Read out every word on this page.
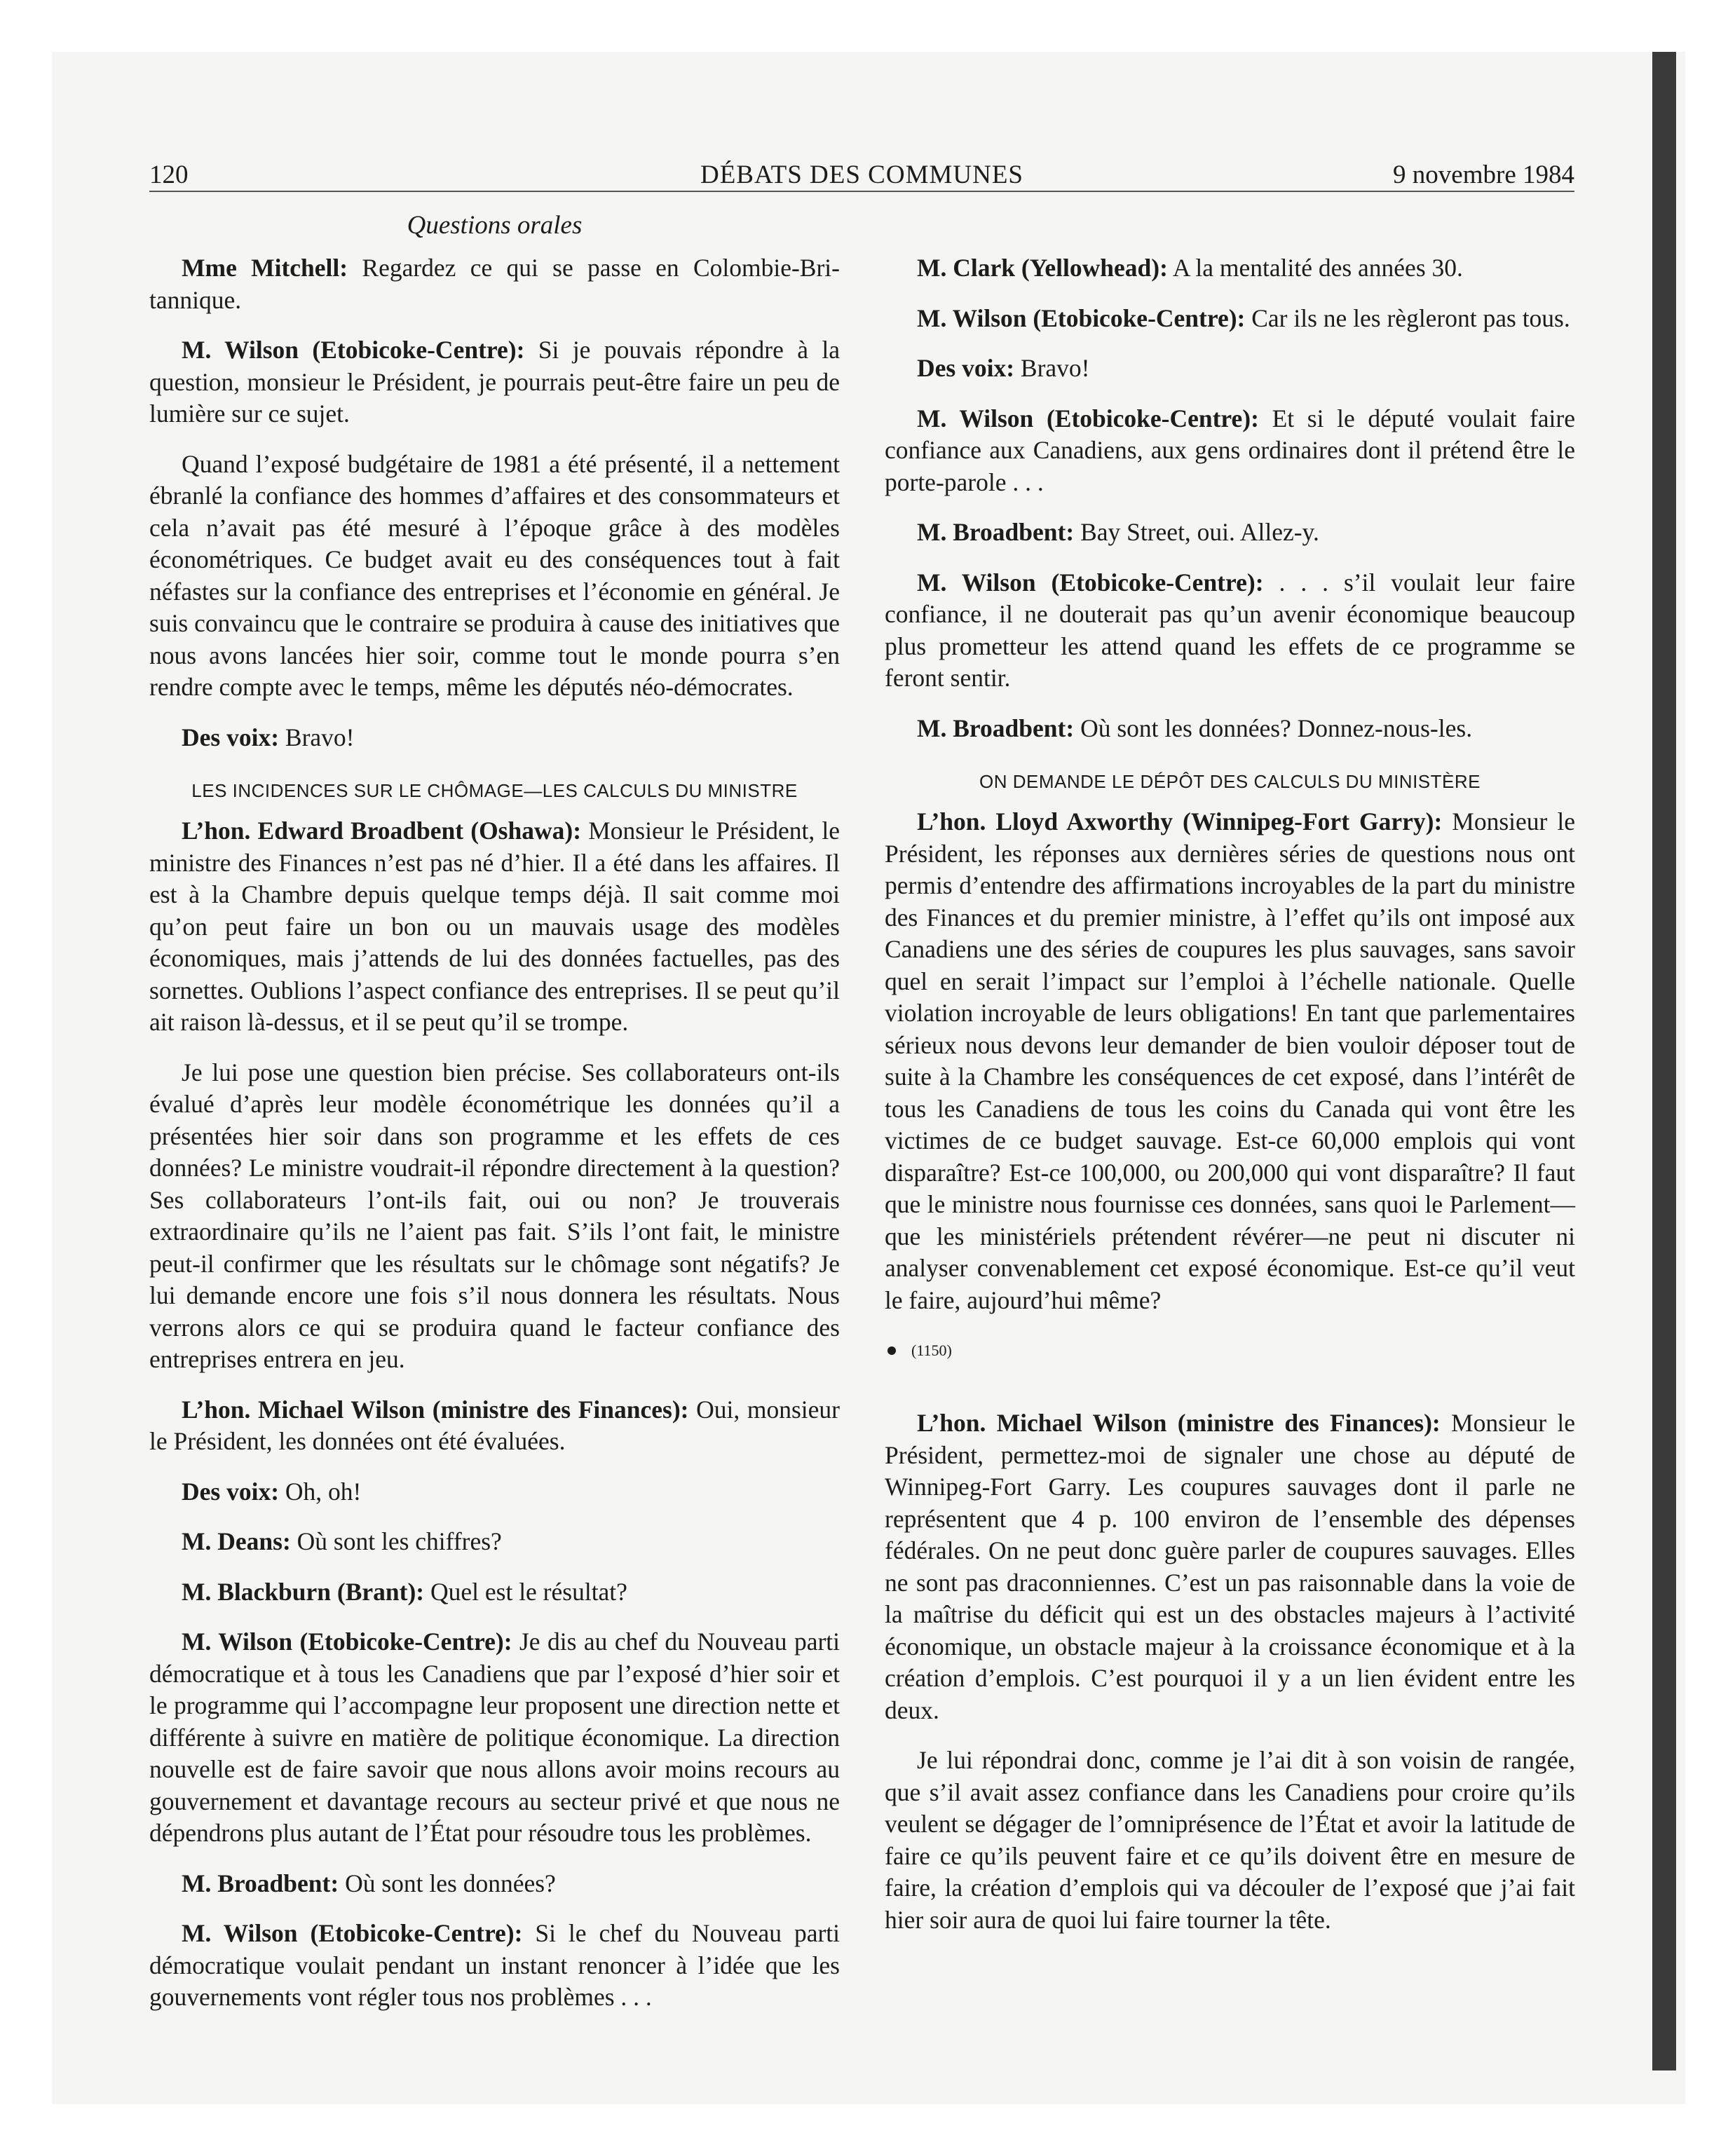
120	DÉBATS DES COMMUNES	9 novembre 1984
Questions orales

Mme Mitchell: Regardez ce qui se passe en Colombie-Britannique.

M. Wilson (Etobicoke-Centre): Si je pouvais répondre à la question, monsieur le Président, je pourrais peut-être faire un peu de lumière sur ce sujet.

Quand l’exposé budgétaire de 1981 a été présenté, il a nettement ébranlé la confiance des hommes d’affaires et des consommateurs et cela n’avait pas été mesuré à l’époque grâce à des modèles économétriques. Ce budget avait eu des conséquences tout à fait néfastes sur la confiance des entreprises et l’économie en général. Je suis convaincu que le contraire se produira à cause des initiatives que nous avons lancées hier soir, comme tout le monde pourra s’en rendre compte avec le temps, même les députés néo-démocrates.

Des voix: Bravo!

LES INCIDENCES SUR LE CHÔMAGE—LES CALCULS DU MINISTRE

L’hon. Edward Broadbent (Oshawa): Monsieur le Président, le ministre des Finances n’est pas né d’hier. Il a été dans les affaires. Il est à la Chambre depuis quelque temps déjà. Il sait comme moi qu’on peut faire un bon ou un mauvais usage des modèles économiques, mais j’attends de lui des données factuelles, pas des sornettes. Oublions l’aspect confiance des entreprises. Il se peut qu’il ait raison là-dessus, et il se peut qu’il se trompe.

Je lui pose une question bien précise. Ses collaborateurs ont-ils évalué d’après leur modèle économétrique les données qu’il a présentées hier soir dans son programme et les effets de ces données? Le ministre voudrait-il répondre directement à la question? Ses collaborateurs l’ont-ils fait, oui ou non? Je trouverais extraordinaire qu’ils ne l’aient pas fait. S’ils l’ont fait, le ministre peut-il confirmer que les résultats sur le chômage sont négatifs? Je lui demande encore une fois s’il nous donnera les résultats. Nous verrons alors ce qui se produira quand le facteur confiance des entreprises entrera en jeu.

L’hon. Michael Wilson (ministre des Finances): Oui, monsieur le Président, les données ont été évaluées.

Des voix: Oh, oh!

M. Deans: Où sont les chiffres?

M. Blackburn (Brant): Quel est le résultat?

M. Wilson (Etobicoke-Centre): Je dis au chef du Nouveau parti démocratique et à tous les Canadiens que par l’exposé d’hier soir et le programme qui l’accompagne leur proposent une direction nette et différente à suivre en matière de politique économique. La direction nouvelle est de faire savoir que nous allons avoir moins recours au gouvernement et davantage recours au secteur privé et que nous ne dépendrons plus autant de l’État pour résoudre tous les problèmes.

M. Broadbent: Où sont les données?

M. Wilson (Etobicoke-Centre): Si le chef du Nouveau parti démocratique voulait pendant un instant renoncer à l’idée que les gouvernements vont régler tous nos problèmes . . .

M. Clark (Yellowhead): A la mentalité des années 30.

M. Wilson (Etobicoke-Centre): Car ils ne les règleront pas tous.

Des voix: Bravo!

M. Wilson (Etobicoke-Centre): Et si le député voulait faire confiance aux Canadiens, aux gens ordinaires dont il prétend être le porte-parole . . .

M. Broadbent: Bay Street, oui. Allez-y.

M. Wilson (Etobicoke-Centre): . . . s’il voulait leur faire confiance, il ne douterait pas qu’un avenir économique beaucoup plus prometteur les attend quand les effets de ce programme se feront sentir.

M. Broadbent: Où sont les données? Donnez-nous-les.

ON DEMANDE LE DÉPÔT DES CALCULS DU MINISTÈRE

L’hon. Lloyd Axworthy (Winnipeg-Fort Garry): Monsieur le Président, les réponses aux dernières séries de questions nous ont permis d’entendre des affirmations incroyables de la part du ministre des Finances et du premier ministre, à l’effet qu’ils ont imposé aux Canadiens une des séries de coupures les plus sauvages, sans savoir quel en serait l’impact sur l’emploi à l’échelle nationale. Quelle violation incroyable de leurs obligations! En tant que parlementaires sérieux nous devons leur demander de bien vouloir déposer tout de suite à la Chambre les conséquences de cet exposé, dans l’intérêt de tous les Canadiens de tous les coins du Canada qui vont être les victimes de ce budget sauvage. Est-ce 60,000 emplois qui vont disparaître? Est-ce 100,000, ou 200,000 qui vont disparaître? Il faut que le ministre nous fournisse ces données, sans quoi le Parlement—que les ministériels prétendent révérer—ne peut ni discuter ni analyser convenablement cet exposé économique. Est-ce qu’il veut le faire, aujourd’hui même?

(1150)

L’hon. Michael Wilson (ministre des Finances): Monsieur le Président, permettez-moi de signaler une chose au député de Winnipeg-Fort Garry. Les coupures sauvages dont il parle ne représentent que 4 p. 100 environ de l’ensemble des dépenses fédérales. On ne peut donc guère parler de coupures sauvages. Elles ne sont pas draconniennes. C’est un pas raisonnable dans la voie de la maîtrise du déficit qui est un des obstacles majeurs à l’activité économique, un obstacle majeur à la croissance économique et à la création d’emplois. C’est pourquoi il y a un lien évident entre les deux.

Je lui répondrai donc, comme je l’ai dit à son voisin de rangée, que s’il avait assez confiance dans les Canadiens pour croire qu’ils veulent se dégager de l’omniprésence de l’État et avoir la latitude de faire ce qu’ils peuvent faire et ce qu’ils doivent être en mesure de faire, la création d’emplois qui va découler de l’exposé que j’ai fait hier soir aura de quoi lui faire tourner la tête.
